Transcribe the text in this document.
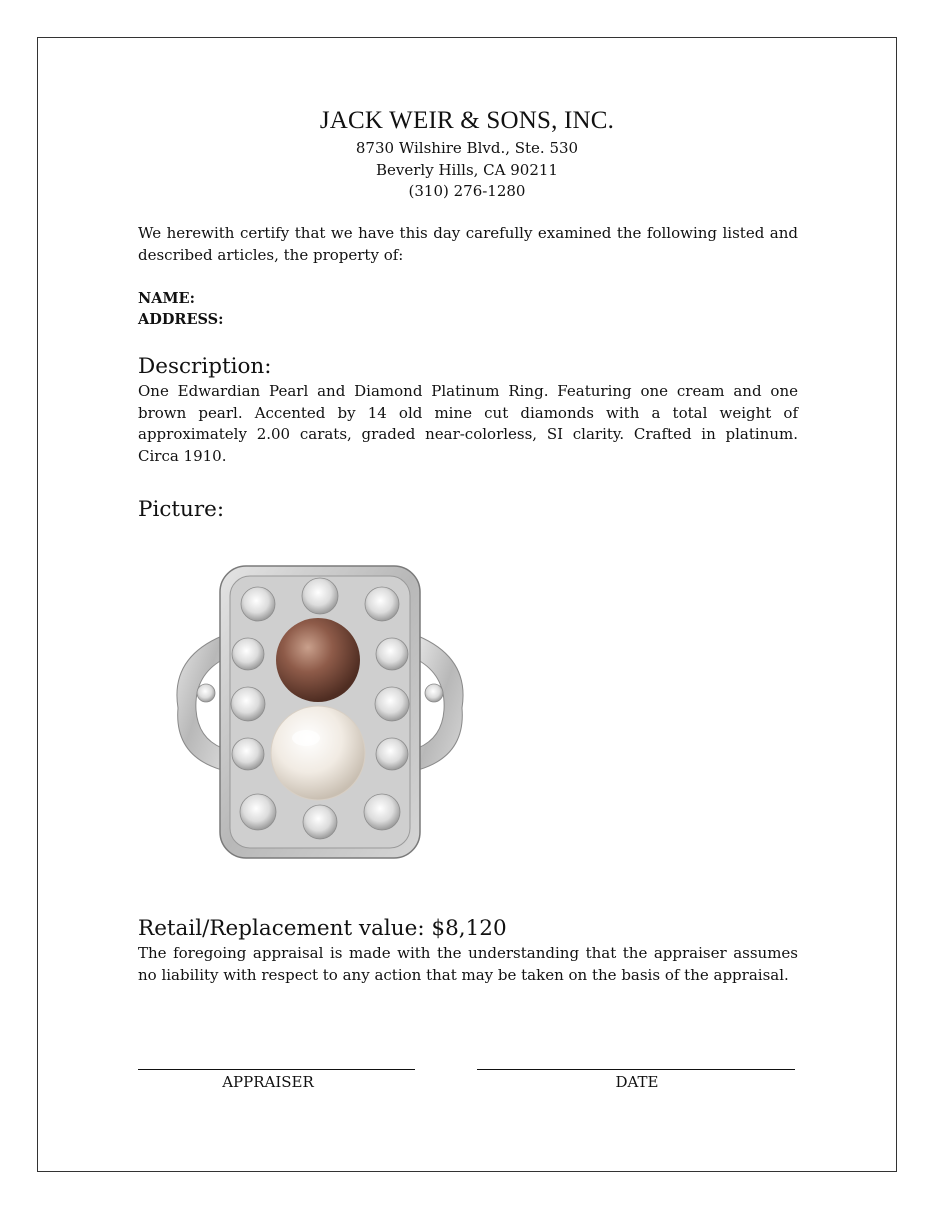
JACK WEIR & SONS, INC.
8730 Wilshire Blvd., Ste. 530
Beverly Hills, CA 90211
(310) 276-1280
We herewith certify that we have this day carefully examined the following listed and described articles, the property of:
NAME:
ADDRESS:
Description:
One Edwardian Pearl and Diamond Platinum Ring. Featuring one cream and one brown pearl. Accented by 14 old mine cut diamonds with a total weight of approximately 2.00 carats, graded near-colorless, SI clarity. Crafted in platinum. Circa 1910.
Picture:
Retail/Replacement value: $8,120
The foregoing appraisal is made with the understanding that the appraiser assumes no liability with respect to any action that may be taken on the basis of the appraisal.
APPRAISER	DATE
